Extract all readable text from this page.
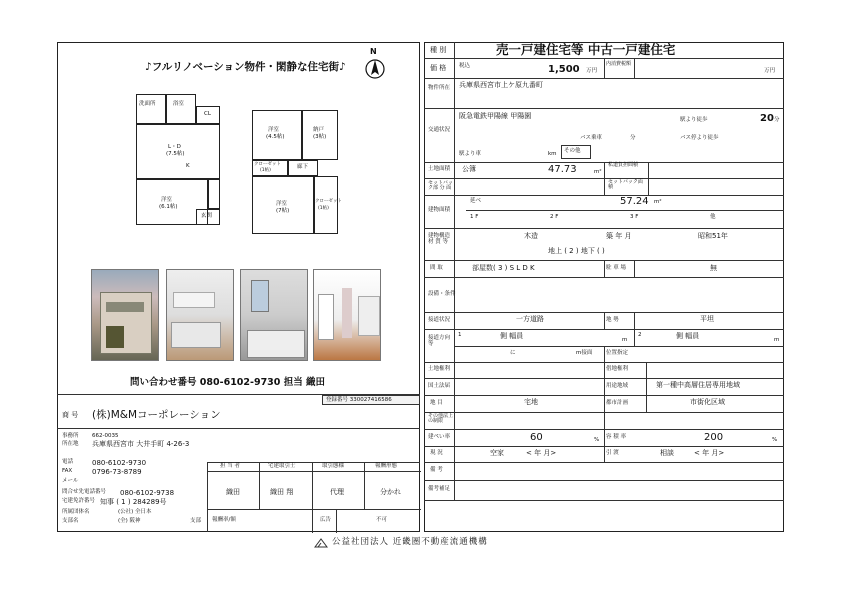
♪フルリノベーション物件・閑静な住宅街♪
N
洗面所	浴室
CL
L・D
(7.5帖)
K
洋室
(6.1帖)
玄関
洋室
(4.5帖)
納戸
(3帖)
クローゼット
(1帖)
廊下
洋室
(7帖)
クローゼット
(1帖)
問い合わせ番号 080-6102-9730 担当 織田
登録番号 330027416586
商 号 (株)M&Mコーポレーション
事務所 662-0035
所在地 兵庫県西宮市 大井手町 4-26-3
電話	080-6102-9730
FAX	0796-73-8789
メール
問合せ先電話番号 080-6102-9738
宅建免許番号 知事 ( 1 ) 284289号
所属団体名	(公社) 全日本
支部名	(全) 阪神	支部
担 当 者	宅建取引士	取引態様	報酬形態
織田	織田 翔	代理	分かれ
報酬率/額	広告	不可
種 別	売一戸建住宅等 中古一戸建住宅
価 格 税込	1,500 万円
内消費税額
万円
物件所在 兵庫県西宮市上ケ原九番町
交通状況
阪急電鉄甲陽線 甲陽園	駅より徒歩	20 分
バス乗車	分	バス停より徒歩
駅より車	km その他
土地面積 公簿	47.73	m²
私道負担面積
セットバック部 分 面
セットバック面 積
建物面積
延べ	57.24 m²
1 F	2 F	3 F	他
建物構造材 質 等
木造	築 年 月	昭和51年
地上 ( 2 ) 地下 ( )
間 取	部屋数( 3 ) S L D K	駐 車 場	無
設備・条件
接道状況	一方道路	地 勢	平坦
接道方向等
1	側 幅員	m
2	側 幅員	m
に	m接面 位置指定
土地権利	借地権利
国土法届	用途地域	第一種中高層住居専用地域
地 目	宅地	都市計画	市街化区域
その他法上の制限
建ぺい率	60	% 容 積 率	200	%
現 況	空家	< 年 月>	引 渡	相談	< 年 月>
備 考
備考補足
公益社団法人 近畿圏不動産流通機構
